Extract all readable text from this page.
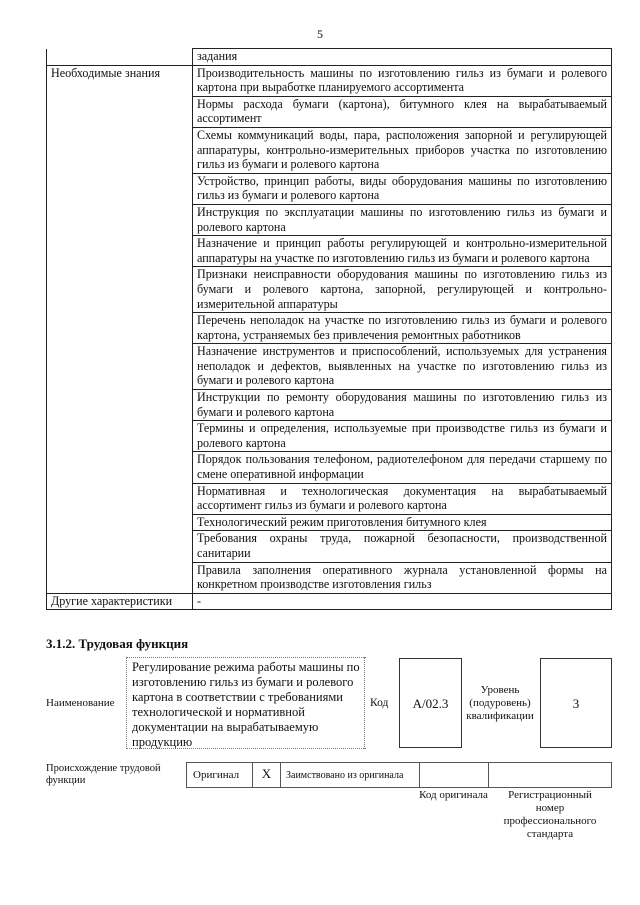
5
	задания
Необходимые знания	Производительность машины по изготовлению гильз из бумаги и ролевого картона при выработке планируемого ассортимента
	Нормы расхода бумаги (картона), битумного клея на вырабатываемый ассортимент
	Схемы коммуникаций воды, пара, расположения запорной и регулирующей аппаратуры, контрольно-измерительных приборов участка по изготовлению гильз из бумаги и ролевого картона
	Устройство, принцип работы, виды оборудования машины по изготовлению гильз из бумаги и ролевого картона
	Инструкция по эксплуатации машины по изготовлению гильз из бумаги и ролевого картона
	Назначение и принцип работы регулирующей и контрольно-измерительной аппаратуры на участке по изготовлению гильз из бумаги и ролевого картона
	Признаки неисправности оборудования машины по изготовлению гильз из бумаги и ролевого картона, запорной, регулирующей и контрольно-измерительной аппаратуры
	Перечень неполадок на участке по изготовлению гильз из бумаги и ролевого картона, устраняемых без привлечения ремонтных работников
	Назначение инструментов и приспособлений, используемых для устранения неполадок и дефектов, выявленных на участке по изготовлению гильз из бумаги и ролевого картона
	Инструкции по ремонту оборудования машины по изготовлению гильз из бумаги и ролевого картона
	Термины и определения, используемые при производстве гильз из бумаги и ролевого картона
	Порядок пользования телефоном, радиотелефоном для передачи старшему по смене оперативной информации
	Нормативная и технологическая документация на вырабатываемый ассортимент гильз из бумаги и ролевого картона
	Технологический режим приготовления битумного клея
	Требования охраны труда, пожарной безопасности, производственной санитарии
	Правила заполнения оперативного журнала установленной формы на конкретном производстве изготовления гильз
Другие характеристики	-
3.1.2. Трудовая функция
Наименование
Регулирование режима работы машины по изготовлению гильз из бумаги и ролевого картона в соответствии с требованиями технологической и нормативной документации на вырабатываемую продукцию
Код	А/02.3
Уровень (подуровень) квалификации
3
Происхождение трудовой функции	Оригинал	X	Заимствовано из оригинала
Код оригинала	Регистрационный номер профессионального стандарта
